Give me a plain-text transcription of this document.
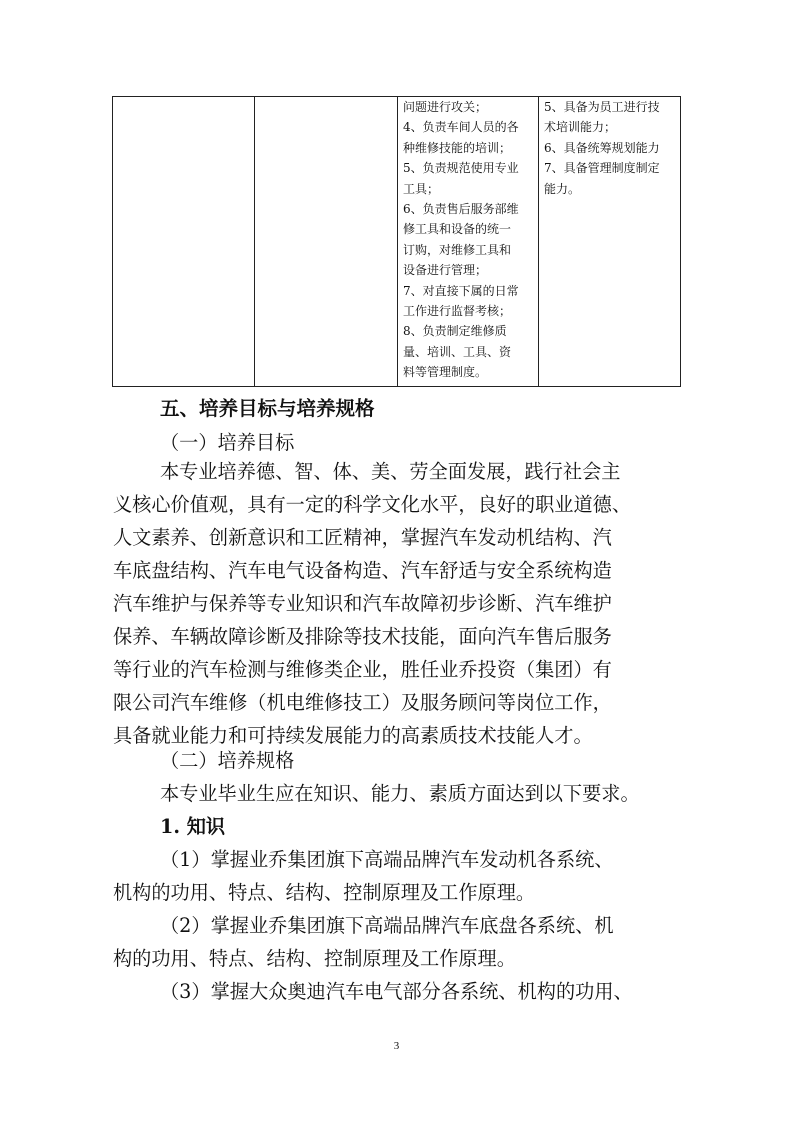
问题进行攻关；
4、负责车间人员的各
种维修技能的培训；
5、负责规范使用专业
工具；
6、负责售后服务部维
修工具和设备的统一
订购，对维修工具和
设备进行管理；
7、对直接下属的日常
工作进行监督考核；
8、负责制定维修质
量、培训、工具、资
料等管理制度。
5、具备为员工进行技
术培训能力；
6、具备统筹规划能力
7、具备管理制度制定
能力。
五、培养目标与培养规格
（一）培养目标
本专业培养德、智、体、美、劳全面发展，践行社会主
义核心价值观，具有一定的科学文化水平，良好的职业道德、
人文素养、创新意识和工匠精神，掌握汽车发动机结构、汽
车底盘结构、汽车电气设备构造、汽车舒适与安全系统构造
汽车维护与保养等专业知识和汽车故障初步诊断、汽车维护
保养、车辆故障诊断及排除等技术技能，面向汽车售后服务
等行业的汽车检测与维修类企业，胜任业乔投资（集团）有
限公司汽车维修（机电维修技工）及服务顾问等岗位工作，
具备就业能力和可持续发展能力的高素质技术技能人才。
（二）培养规格
本专业毕业生应在知识、能力、素质方面达到以下要求。
1. 知识
（1）掌握业乔集团旗下高端品牌汽车发动机各系统、
机构的功用、特点、结构、控制原理及工作原理。
（2）掌握业乔集团旗下高端品牌汽车底盘各系统、机
构的功用、特点、结构、控制原理及工作原理。
（3）掌握大众奥迪汽车电气部分各系统、机构的功用、
3
